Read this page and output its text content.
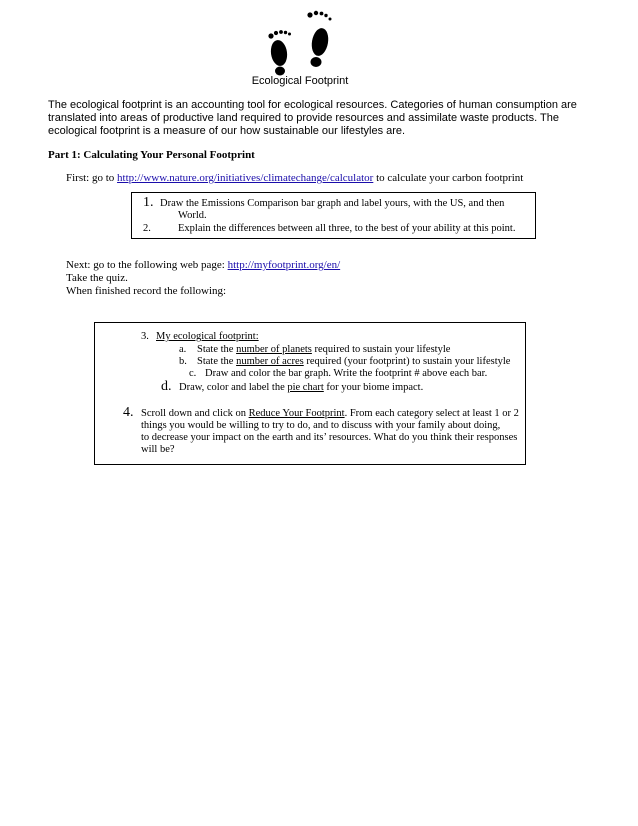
Ecological Footprint
The ecological footprint is an accounting tool for ecological resources. Categories of human consumption are translated into areas of productive land required to provide resources and assimilate waste products. The ecological footprint is a measure of our how sustainable our lifestyles are.
Part 1: Calculating Your Personal Footprint
First: go to http://www.nature.org/initiatives/climatechange/calculator to calculate your carbon footprint
1. Draw the Emissions Comparison bar graph and label yours, with the US, and then
World.
2.	Explain the differences between all three, to the best of your ability at this point.
Next: go to the following web page: http://myfootprint.org/en/
Take the quiz.
When finished record the following:
3. My ecological footprint:
a. State the number of planets required to sustain your lifestyle
b. State the number of acres required (your footprint) to sustain your lifestyle
c. Draw and color the bar graph. Write the footprint # above each bar.
d. Draw, color and label the pie chart for your biome impact.
4. Scroll down and click on Reduce Your Footprint. From each category select at least 1 or 2
things you would be willing to try to do, and to discuss with your family about doing,
to decrease your impact on the earth and its’ resources. What do you think their responses
will be?
